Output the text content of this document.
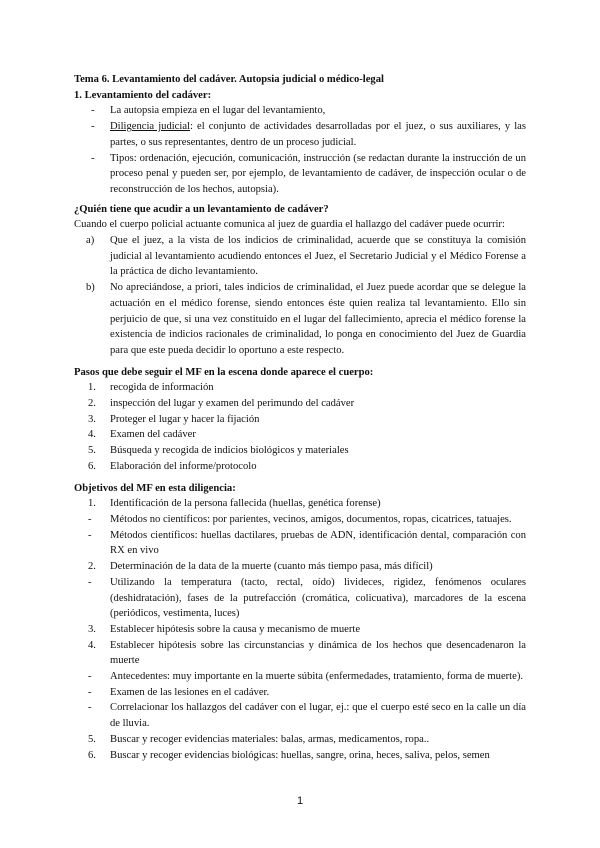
Tema 6. Levantamiento del cadáver. Autopsia judicial o médico-legal

1. Levantamiento del cadáver:

- La autopsia empieza en el lugar del levantamiento,
- Diligencia judicial: el conjunto de actividades desarrolladas por el juez, o sus auxiliares, y las partes, o sus representantes, dentro de un proceso judicial.
- Tipos: ordenación, ejecución, comunicación, instrucción (se redactan durante la instrucción de un proceso penal y pueden ser, por ejemplo, de levantamiento de cadáver, de inspección ocular o de reconstrucción de los hechos, autopsia).

¿Quién tiene que acudir a un levantamiento de cadáver?

Cuando el cuerpo policial actuante comunica al juez de guardia el hallazgo del cadáver puede ocurrir:

a) Que el juez, a la vista de los indicios de criminalidad, acuerde que se constituya la comisión judicial al levantamiento acudiendo entonces el Juez, el Secretario Judicial y el Médico Forense a la práctica de dicho levantamiento.
b) No apreciándose, a priori, tales indicios de criminalidad, el Juez puede acordar que se delegue la actuación en el médico forense, siendo entonces éste quien realiza tal levantamiento. Ello sin perjuicio de que, si una vez constituido en el lugar del fallecimiento, aprecia el médico forense la existencia de indicios racionales de criminalidad, lo ponga en conocimiento del Juez de Guardia para que este pueda decidir lo oportuno a este respecto.

Pasos que debe seguir el MF en la escena donde aparece el cuerpo:

1. recogida de información
2. inspección del lugar y examen del perimundo del cadáver
3. Proteger el lugar y hacer la fijación
4. Examen del cadáver
5. Búsqueda y recogida de indicios biológicos y materiales
6. Elaboración del informe/protocolo

Objetivos del MF en esta diligencia:

1. Identificación de la persona fallecida (huellas, genética forense)
- Métodos no científicos: por parientes, vecinos, amigos, documentos, ropas, cicatrices, tatuajes.
- Métodos científicos: huellas dactilares, pruebas de ADN, identificación dental, comparación con RX en vivo
2. Determinación de la data de la muerte (cuanto más tiempo pasa, más difícil)
- Utilizando la temperatura (tacto, rectal, oído) livideces, rigidez, fenómenos oculares (deshidratación), fases de la putrefacción (cromática, colicuativa), marcadores de la escena (periódicos, vestimenta, luces)
3. Establecer hipótesis sobre la causa y mecanismo de muerte
4. Establecer hipótesis sobre las circunstancias y dinámica de los hechos que desencadenaron la muerte
- Antecedentes: muy importante en la muerte súbita (enfermedades, tratamiento, forma de muerte).
- Examen de las lesiones en el cadáver.
- Correlacionar los hallazgos del cadáver con el lugar, ej.: que el cuerpo esté seco en la calle un día de lluvia.
5. Buscar y recoger evidencias materiales: balas, armas, medicamentos, ropa..
6. Buscar y recoger evidencias biológicas: huellas, sangre, orina, heces, saliva, pelos, semen
1
